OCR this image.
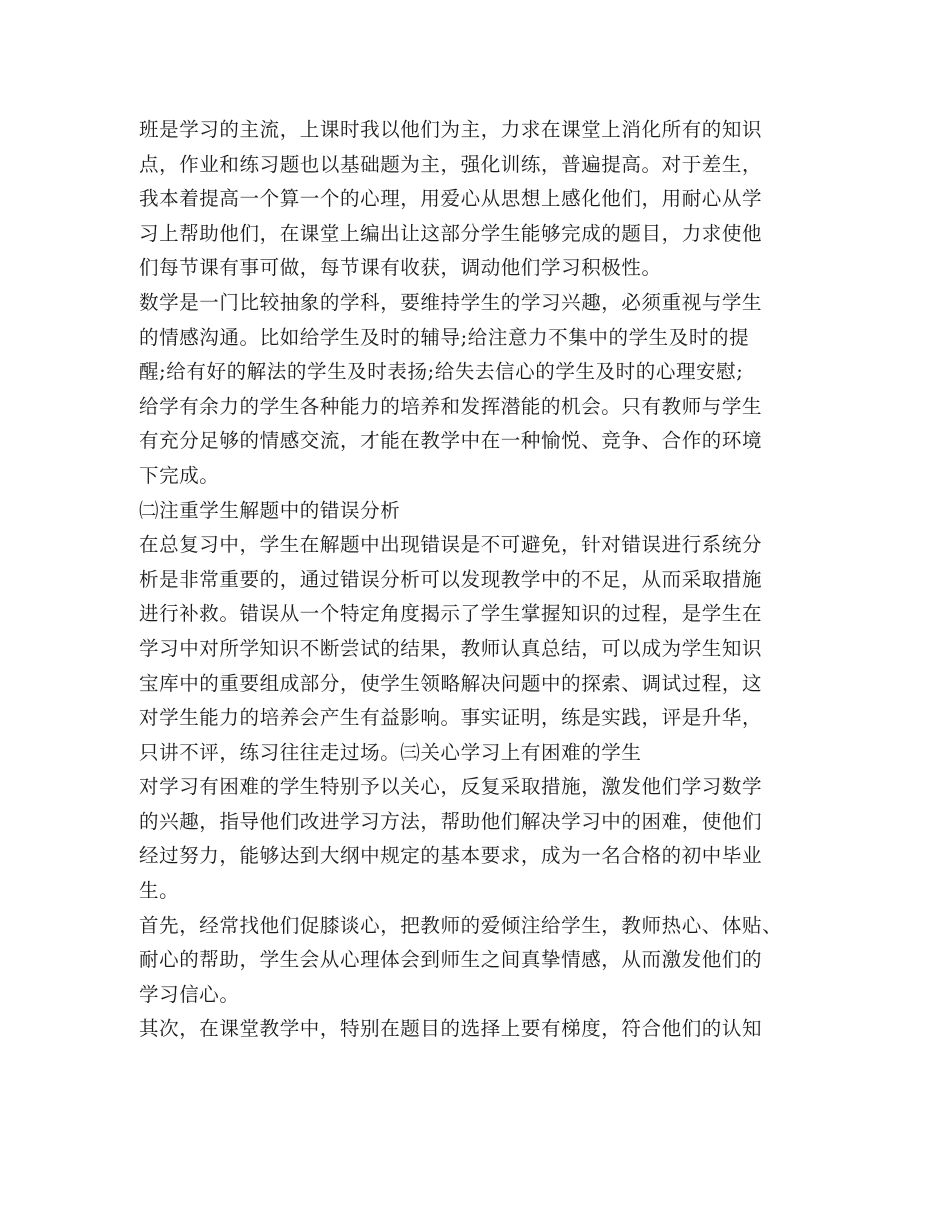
班是学习的主流，上课时我以他们为主，力求在课堂上消化所有的知识
点，作业和练习题也以基础题为主，强化训练，普遍提高。对于差生，
我本着提高一个算一个的心理，用爱心从思想上感化他们，用耐心从学
习上帮助他们，在课堂上编出让这部分学生能够完成的题目，力求使他
们每节课有事可做，每节课有收获，调动他们学习积极性。
数学是一门比较抽象的学科，要维持学生的学习兴趣，必须重视与学生
的情感沟通。比如给学生及时的辅导;给注意力不集中的学生及时的提
醒;给有好的解法的学生及时表扬;给失去信心的学生及时的心理安慰;
给学有余力的学生各种能力的培养和发挥潜能的机会。只有教师与学生
有充分足够的情感交流，才能在教学中在一种愉悦、竞争、合作的环境
下完成。
㈡注重学生解题中的错误分析
在总复习中，学生在解题中出现错误是不可避免，针对错误进行系统分
析是非常重要的，通过错误分析可以发现教学中的不足，从而采取措施
进行补救。错误从一个特定角度揭示了学生掌握知识的过程，是学生在
学习中对所学知识不断尝试的结果，教师认真总结，可以成为学生知识
宝库中的重要组成部分，使学生领略解决问题中的探索、调试过程，这
对学生能力的培养会产生有益影响。事实证明，练是实践，评是升华，
只讲不评，练习往往走过场。㈢关心学习上有困难的学生
对学习有困难的学生特别予以关心，反复采取措施，激发他们学习数学
的兴趣，指导他们改进学习方法，帮助他们解决学习中的困难，使他们
经过努力，能够达到大纲中规定的基本要求，成为一名合格的初中毕业
生。
首先，经常找他们促膝谈心，把教师的爱倾注给学生，教师热心、体贴、
耐心的帮助，学生会从心理体会到师生之间真挚情感，从而激发他们的
学习信心。
其次，在课堂教学中，特别在题目的选择上要有梯度，符合他们的认知
